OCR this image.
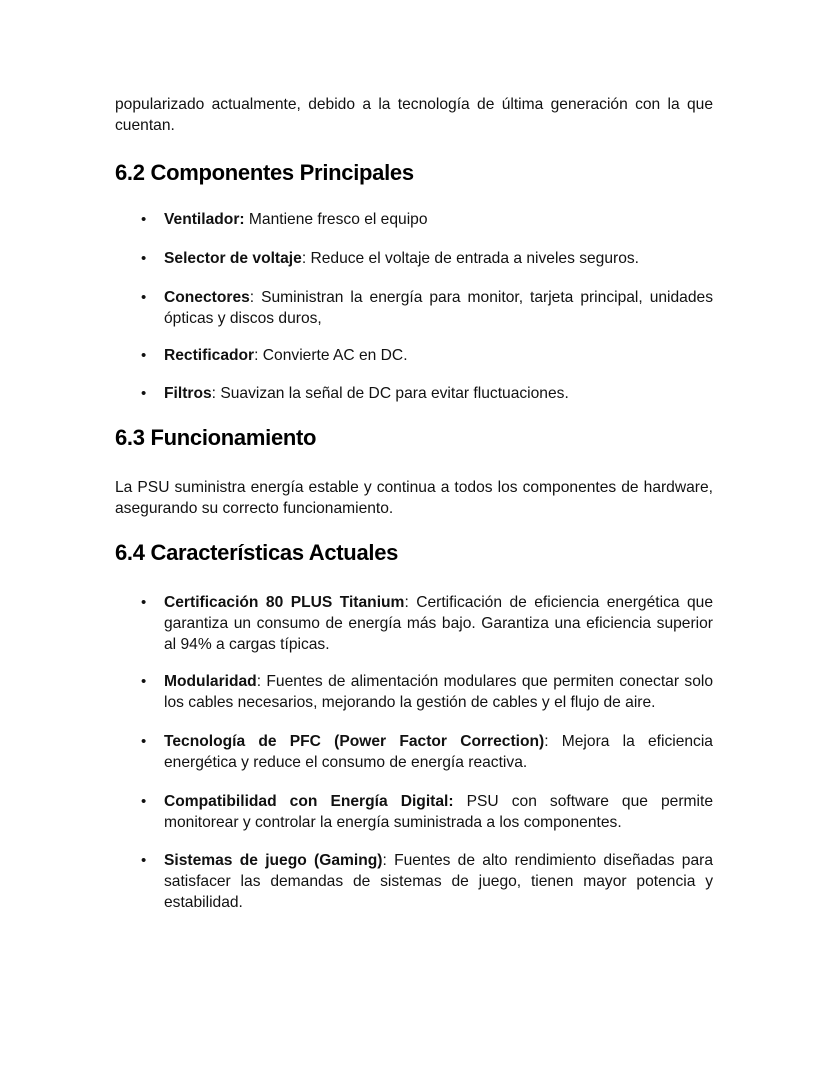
popularizado actualmente, debido a la tecnología de última generación con la que cuentan.
6.2 Componentes Principales
• Ventilador: Mantiene fresco el equipo
• Selector de voltaje: Reduce el voltaje de entrada a niveles seguros.
• Conectores: Suministran la energía para monitor, tarjeta principal, unidades ópticas y discos duros,
• Rectificador: Convierte AC en DC.
• Filtros: Suavizan la señal de DC para evitar fluctuaciones.
6.3 Funcionamiento
La PSU suministra energía estable y continua a todos los componentes de hardware, asegurando su correcto funcionamiento.
6.4 Características Actuales
• Certificación 80 PLUS Titanium: Certificación de eficiencia energética que garantiza un consumo de energía más bajo. Garantiza una eficiencia superior al 94% a cargas típicas.
• Modularidad: Fuentes de alimentación modulares que permiten conectar solo los cables necesarios, mejorando la gestión de cables y el flujo de aire.
• Tecnología de PFC (Power Factor Correction): Mejora la eficiencia energética y reduce el consumo de energía reactiva.
• Compatibilidad con Energía Digital: PSU con software que permite monitorear y controlar la energía suministrada a los componentes.
• Sistemas de juego (Gaming): Fuentes de alto rendimiento diseñadas para satisfacer las demandas de sistemas de juego, tienen mayor potencia y estabilidad.
